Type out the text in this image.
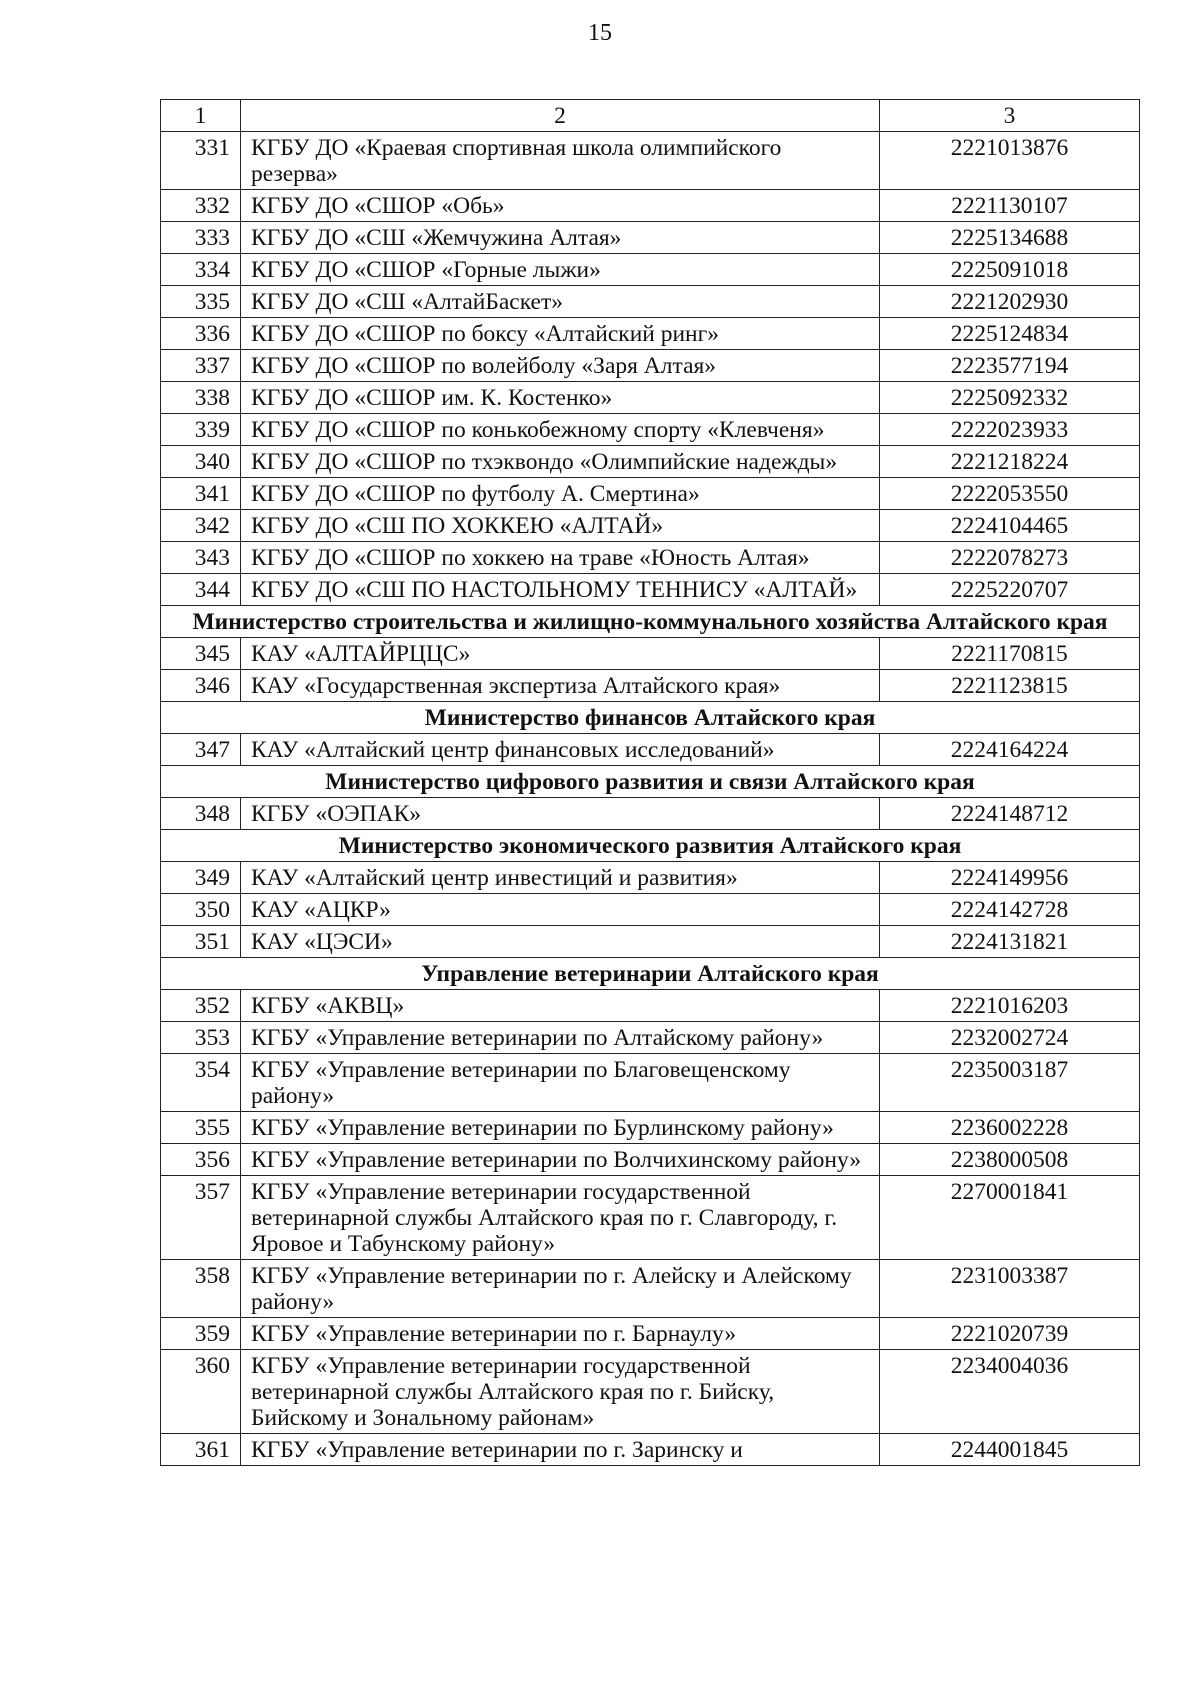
15
1	2	3
331	КГБУ ДО «Краевая спортивная школа олимпийского резерва»	2221013876
332	КГБУ ДО «СШОР «Обь»	2221130107
333	КГБУ ДО «СШ «Жемчужина Алтая»	2225134688
334	КГБУ ДО «СШОР «Горные лыжи»	2225091018
335	КГБУ ДО «СШ «АлтайБаскет»	2221202930
336	КГБУ ДО «СШОР по боксу «Алтайский ринг»	2225124834
337	КГБУ ДО «СШОР по волейболу «Заря Алтая»	2223577194
338	КГБУ ДО «СШОР им. К. Костенко»	2225092332
339	КГБУ ДО «СШОР по конькобежному спорту «Клевченя»	2222023933
340	КГБУ ДО «СШОР по тхэквондо «Олимпийские надежды»	2221218224
341	КГБУ ДО «СШОР по футболу А. Смертина»	2222053550
342	КГБУ ДО «СШ ПО ХОККЕЮ «АЛТАЙ»	2224104465
343	КГБУ ДО «СШОР по хоккею на траве «Юность Алтая»	2222078273
344	КГБУ ДО «СШ ПО НАСТОЛЬНОМУ ТЕННИСУ «АЛТАЙ»	2225220707
Министерство строительства и жилищно-коммунального хозяйства Алтайского края		
345	КАУ «АЛТАЙРЦЦС»	2221170815
346	КАУ «Государственная экспертиза Алтайского края»	2221123815
Министерство финансов Алтайского края		
347	КАУ «Алтайский центр финансовых исследований»	2224164224
Министерство цифрового развития и связи Алтайского края		
348	КГБУ «ОЭПАК»	2224148712
Министерство экономического развития Алтайского края		
349	КАУ «Алтайский центр инвестиций и развития»	2224149956
350	КАУ «АЦКР»	2224142728
351	КАУ «ЦЭСИ»	2224131821
Управление ветеринарии Алтайского края		
352	КГБУ «АКВЦ»	2221016203
353	КГБУ «Управление ветеринарии по Алтайскому району»	2232002724
354	КГБУ «Управление ветеринарии по Благовещенскому району»	2235003187
355	КГБУ «Управление ветеринарии по Бурлинскому району»	2236002228
356	КГБУ «Управление ветеринарии по Волчихинскому району»	2238000508
357	КГБУ «Управление ветеринарии государственной ветеринарной службы Алтайского края по г. Славгороду, г. Яровое и Табунскому району»	2270001841
358	КГБУ «Управление ветеринарии по г. Алейску и Алейскому району»	2231003387
359	КГБУ «Управление ветеринарии по г. Барнаулу»	2221020739
360	КГБУ «Управление ветеринарии государственной ветеринарной службы Алтайского края по г. Бийску, Бийскому и Зональному районам»	2234004036
361	КГБУ «Управление ветеринарии по г. Заринску и	2244001845
